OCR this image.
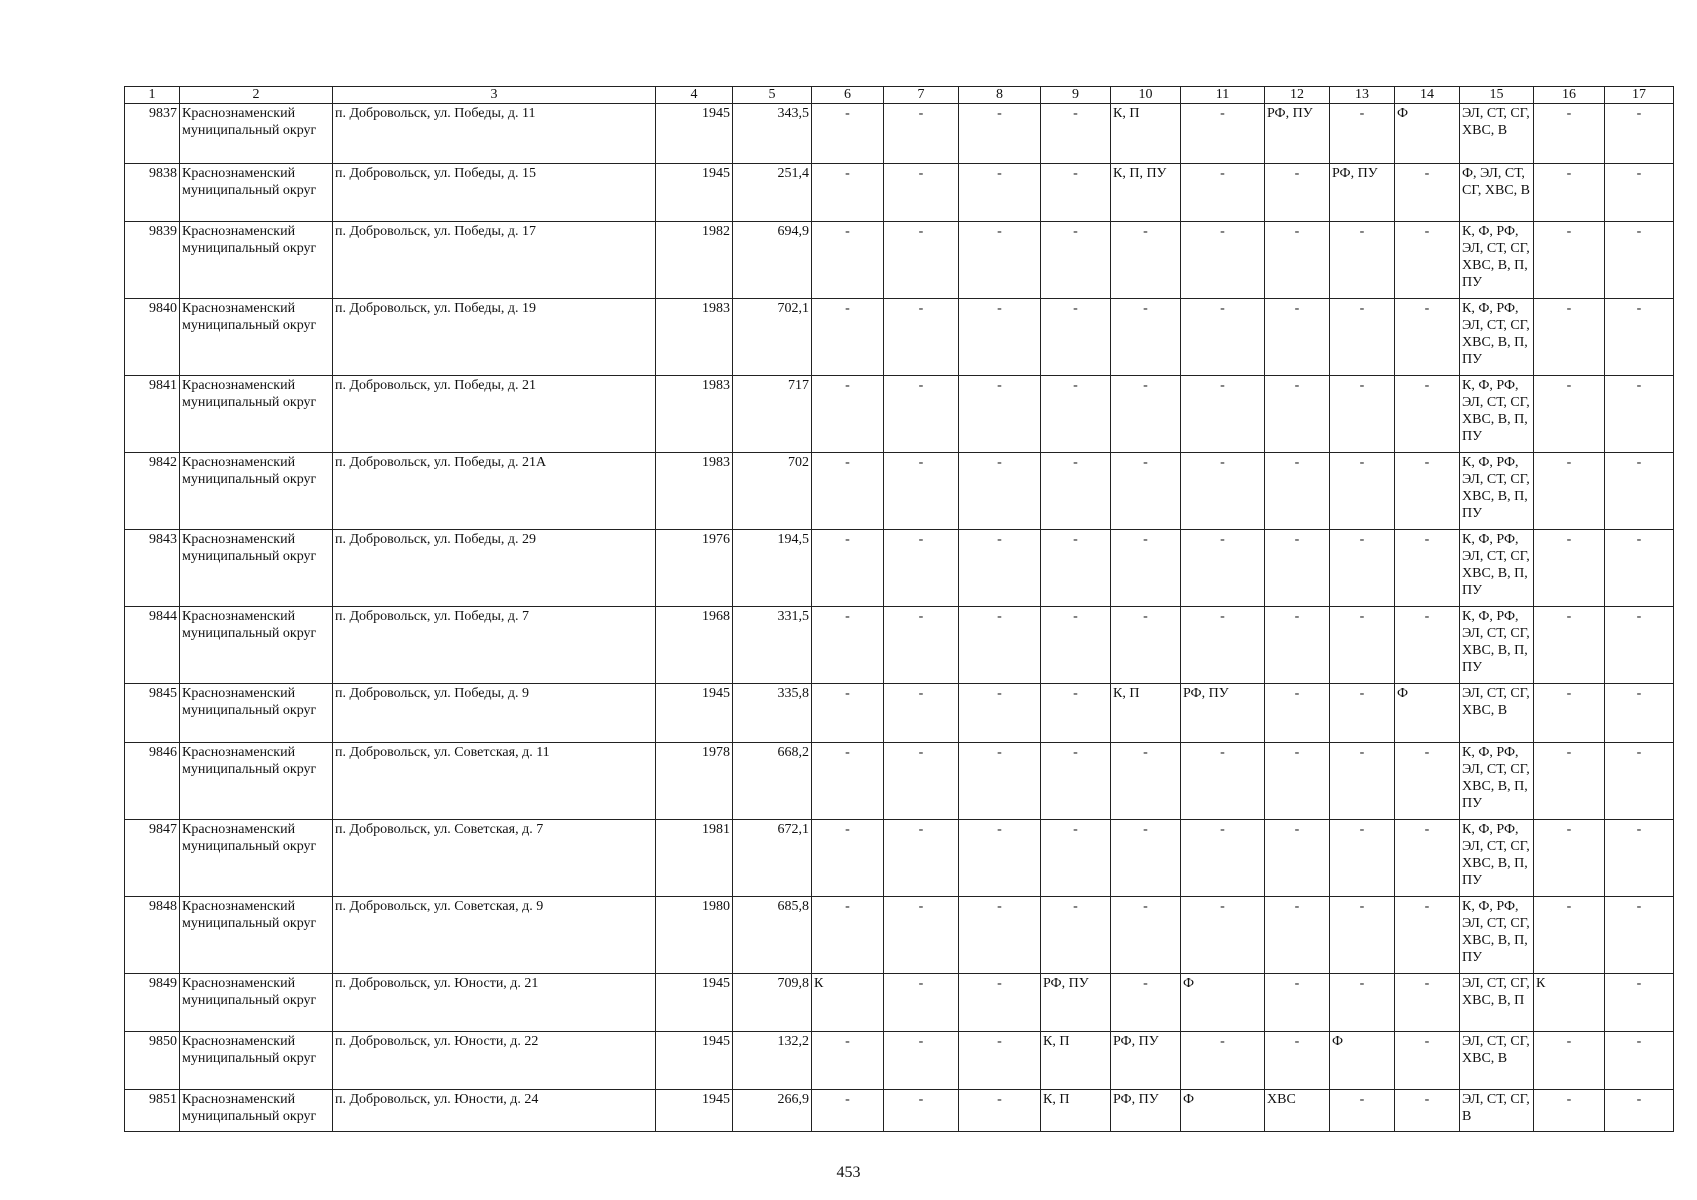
1	2	3	4	5	6	7	8	9	10	11	12	13	14	15	16	17
9837	Краснознаменский муниципальный округ	п. Добровольск, ул. Победы, д. 11	1945	343,5	-	-	-	-	К, П	-	РФ, ПУ	-	Ф	ЭЛ, СТ, СГ, ХВС, В	-	-
9838	Краснознаменский муниципальный округ	п. Добровольск, ул. Победы, д. 15	1945	251,4	-	-	-	-	К, П, ПУ	-	-	РФ, ПУ	-	Ф, ЭЛ, СТ, СГ, ХВС, В	-	-
9839	Краснознаменский муниципальный округ	п. Добровольск, ул. Победы, д. 17	1982	694,9	-	-	-	-	-	-	-	-	-	К, Ф, РФ, ЭЛ, СТ, СГ, ХВС, В, П, ПУ	-	-
9840	Краснознаменский муниципальный округ	п. Добровольск, ул. Победы, д. 19	1983	702,1	-	-	-	-	-	-	-	-	-	К, Ф, РФ, ЭЛ, СТ, СГ, ХВС, В, П, ПУ	-	-
9841	Краснознаменский муниципальный округ	п. Добровольск, ул. Победы, д. 21	1983	717	-	-	-	-	-	-	-	-	-	К, Ф, РФ, ЭЛ, СТ, СГ, ХВС, В, П, ПУ	-	-
9842	Краснознаменский муниципальный округ	п. Добровольск, ул. Победы, д. 21А	1983	702	-	-	-	-	-	-	-	-	-	К, Ф, РФ, ЭЛ, СТ, СГ, ХВС, В, П, ПУ	-	-
9843	Краснознаменский муниципальный округ	п. Добровольск, ул. Победы, д. 29	1976	194,5	-	-	-	-	-	-	-	-	-	К, Ф, РФ, ЭЛ, СТ, СГ, ХВС, В, П, ПУ	-	-
9844	Краснознаменский муниципальный округ	п. Добровольск, ул. Победы, д. 7	1968	331,5	-	-	-	-	-	-	-	-	-	К, Ф, РФ, ЭЛ, СТ, СГ, ХВС, В, П, ПУ	-	-
9845	Краснознаменский муниципальный округ	п. Добровольск, ул. Победы, д. 9	1945	335,8	-	-	-	-	К, П	РФ, ПУ	-	-	Ф	ЭЛ, СТ, СГ, ХВС, В	-	-
9846	Краснознаменский муниципальный округ	п. Добровольск, ул. Советская, д. 11	1978	668,2	-	-	-	-	-	-	-	-	-	К, Ф, РФ, ЭЛ, СТ, СГ, ХВС, В, П, ПУ	-	-
9847	Краснознаменский муниципальный округ	п. Добровольск, ул. Советская, д. 7	1981	672,1	-	-	-	-	-	-	-	-	-	К, Ф, РФ, ЭЛ, СТ, СГ, ХВС, В, П, ПУ	-	-
9848	Краснознаменский муниципальный округ	п. Добровольск, ул. Советская, д. 9	1980	685,8	-	-	-	-	-	-	-	-	-	К, Ф, РФ, ЭЛ, СТ, СГ, ХВС, В, П, ПУ	-	-
9849	Краснознаменский муниципальный округ	п. Добровольск, ул. Юности, д. 21	1945	709,8	К	-	-	РФ, ПУ	-	Ф	-	-	-	ЭЛ, СТ, СГ, ХВС, В, П	К	-
9850	Краснознаменский муниципальный округ	п. Добровольск, ул. Юности, д. 22	1945	132,2	-	-	-	К, П	РФ, ПУ	-	-	Ф	-	ЭЛ, СТ, СГ, ХВС, В	-	-
9851	Краснознаменский муниципальный округ	п. Добровольск, ул. Юности, д. 24	1945	266,9	-	-	-	К, П	РФ, ПУ	Ф	ХВС	-	-	ЭЛ, СТ, СГ, В	-	-
453
